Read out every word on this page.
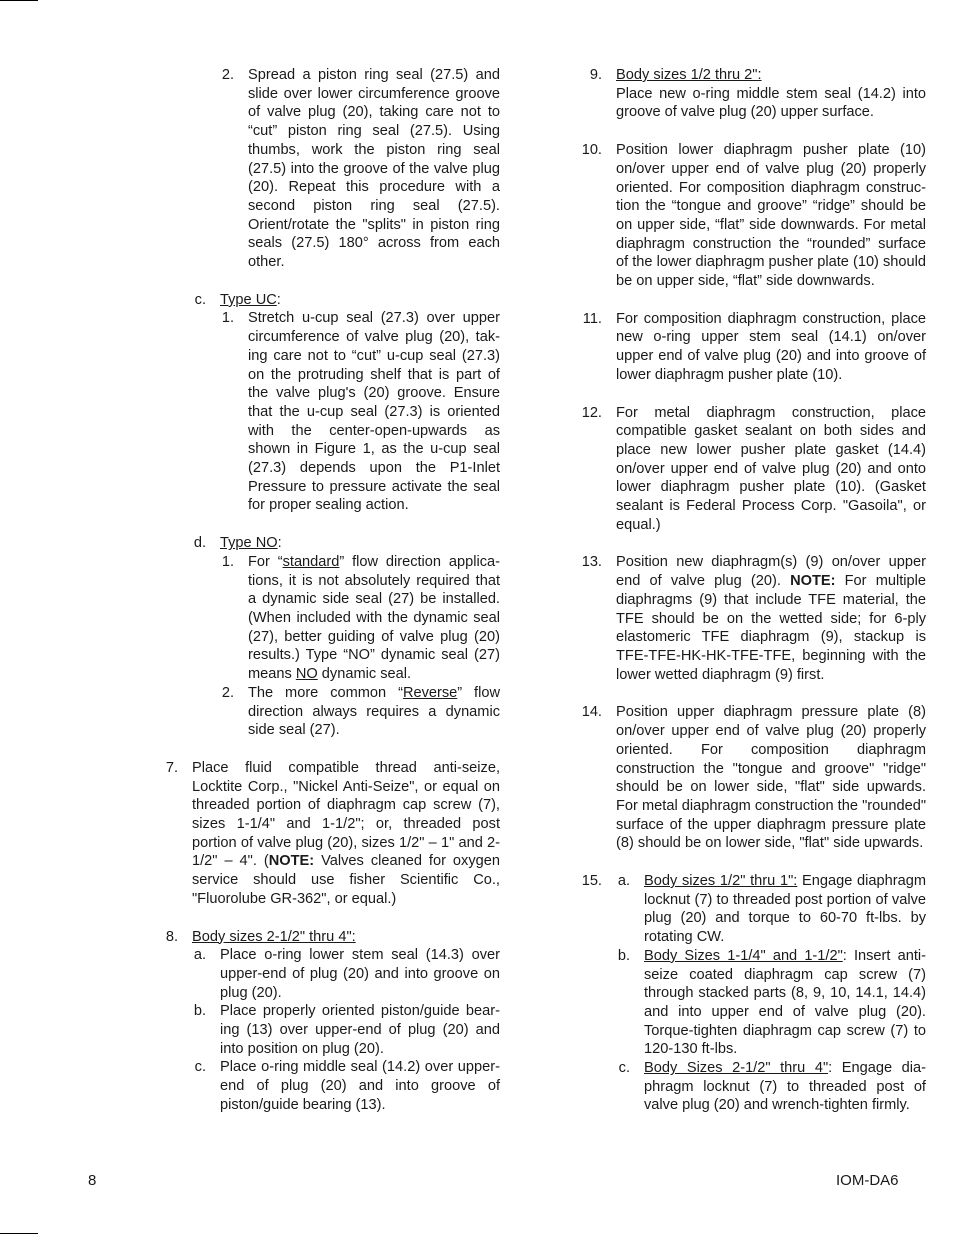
2. Spread a piston ring seal (27.5) and slide over lower circumference groove of valve plug (20), taking care not to “cut” piston ring seal (27.5). Using thumbs, work the piston ring seal (27.5) into the groove of the valve plug (20). Repeat this procedure with a second piston ring seal (27.5). Orient/rotate the "splits" in piston ring seals (27.5) 180° across from each other.
c. Type UC:
1. Stretch u-cup seal (27.3) over upper circumference of valve plug (20), taking care not to “cut” u-cup seal (27.3) on the protruding shelf that is part of the valve plug's (20) groove. Ensure that the u-cup seal (27.3) is oriented with the center-open-upwards as shown in Figure 1, as the u-cup seal (27.3) depends upon the P1-Inlet Pressure to pressure activate the seal for proper sealing action.
d. Type NO:
1. For “standard” flow direction applications, it is not absolutely required that a dynamic side seal (27) be installed. (When included with the dynamic seal (27), better guiding of valve plug (20) results.) Type “NO” dynamic seal (27) means NO dynamic seal.
2. The more common “Reverse” flow direction always requires a dynamic side seal (27).
7. Place fluid compatible thread anti-seize, Locktite Corp., "Nickel Anti-Seize", or equal on threaded portion of diaphragm cap screw (7), sizes 1-1/4" and 1-1/2"; or, threaded post portion of valve plug (20), sizes 1/2" – 1" and 2-1/2" – 4". (NOTE: Valves cleaned for oxygen service should use fisher Scientific Co., "Fluorolube GR-362", or equal.)
8. Body sizes 2-1/2" thru 4":
a. Place o-ring lower stem seal (14.3) over upper-end of plug (20) and into groove on plug (20).
b. Place properly oriented piston/guide bearing (13) over upper-end of plug (20) and into position on plug (20).
c. Place o-ring middle seal (14.2) over upper-end of plug (20) and into groove of piston/guide bearing (13).
9. Body sizes 1/2 thru 2":
Place new o-ring middle stem seal (14.2) into groove of valve plug (20) upper surface.
10. Position lower diaphragm pusher plate (10) on/over upper end of valve plug (20) properly oriented. For composition diaphragm construction the “tongue and groove” “ridge” should be on upper side, “flat” side downwards. For metal diaphragm construction the “rounded” surface of the lower diaphragm pusher plate (10) should be on upper side, “flat” side downwards.
11. For composition diaphragm construction, place new o-ring upper stem seal (14.1) on/over upper end of valve plug (20) and into groove of lower diaphragm pusher plate (10).
12. For metal diaphragm construction, place compatible gasket sealant on both sides and place new lower pusher plate gasket (14.4) on/over upper end of valve plug (20) and onto lower diaphragm pusher plate (10). (Gasket sealant is Federal Process Corp. "Gasoila", or equal.)
13. Position new diaphragm(s) (9) on/over upper end of valve plug (20). NOTE: For multiple diaphragms (9) that include TFE material, the TFE should be on the wetted side; for 6-ply elastomeric TFE diaphragm (9), stackup is TFE-TFE-HK-HK-TFE-TFE, beginning with the lower wetted diaphragm (9) first.
14. Position upper diaphragm pressure plate (8) on/over upper end of valve plug (20) properly oriented. For composition diaphragm construction the "tongue and groove" "ridge" should be on lower side, "flat" side upwards. For metal diaphragm construction the "rounded" surface of the upper diaphragm pressure plate (8) should be on lower side, "flat" side upwards.
15.	a. Body sizes 1/2" thru 1": Engage diaphragm locknut (7) to threaded post portion of valve plug (20) and torque to 60-70 ft-lbs. by rotating CW.
b. Body Sizes 1-1/4" and 1-1/2": Insert anti-seize coated diaphragm cap screw (7) through stacked parts (8, 9, 10, 14.1, 14.4) and into upper end of valve plug (20). Torque-tighten diaphragm cap screw (7) to 120-130 ft-lbs.
c. Body Sizes 2-1/2" thru 4": Engage diaphragm locknut (7) to threaded post of valve plug (20) and wrench-tighten firmly.
8	IOM-DA6
